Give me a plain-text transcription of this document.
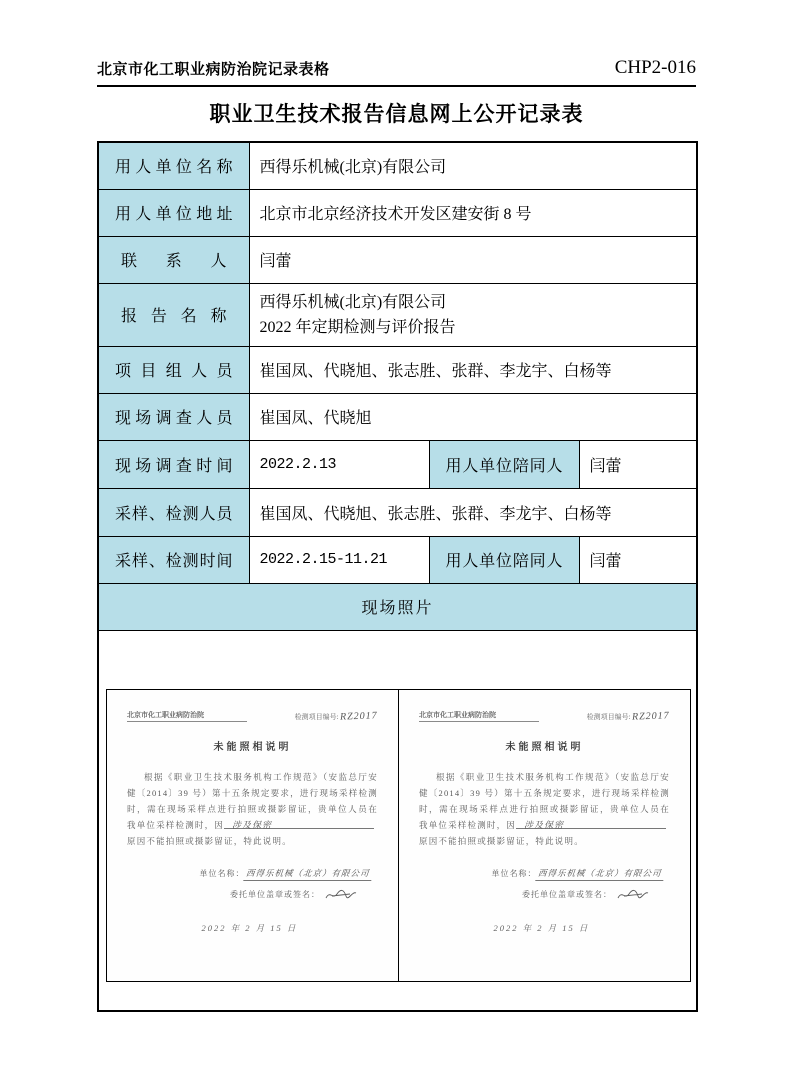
北京市化工职业病防治院记录表格	CHP2-016
职业卫生技术报告信息网上公开记录表
用人单位名称	西得乐机械(北京)有限公司		
用人单位地址	北京市北京经济技术开发区建安街 8 号		
联系人	闫蕾		
报告名称	西得乐机械(北京)有限公司
2022 年定期检测与评价报告		

项目组人员	崔国凤、代晓旭、张志胜、张群、李龙宇、白杨等		
现场调查人员	崔国凤、代晓旭		
现场调查时间	2022.2.13	用人单位陪同人	闫蕾
采样、检测人员	崔国凤、代晓旭、张志胜、张群、李龙宇、白杨等		
采样、检测时间	2022.2.15-11.21	用人单位陪同人	闫蕾
现场照片			

北京市化工职业病防治院	检测项目编号: RZ2017
未能照相说明
根据《职业卫生技术服务机构工作规范》（安监总厅安健〔2014〕39 号）第十五条规定要求，进行现场采样检测时，需在现场采样点进行拍照或摄影留证，贵单位人员在我单位采样检测时，因 涉及保密
原因不能拍照或摄影留证，特此说明。
单位名称： 西得乐机械（北京）有限公司
委托单位盖章或签名：
2022 年 2 月 15 日
北京市化工职业病防治院	检测项目编号: RZ2017
未能照相说明
根据《职业卫生技术服务机构工作规范》（安监总厅安健〔2014〕39 号）第十五条规定要求，进行现场采样检测时，需在现场采样点进行拍照或摄影留证，贵单位人员在我单位采样检测时，因 涉及保密
原因不能拍照或摄影留证，特此说明。
单位名称： 西得乐机械（北京）有限公司
委托单位盖章或签名：
2022 年 2 月 15 日
